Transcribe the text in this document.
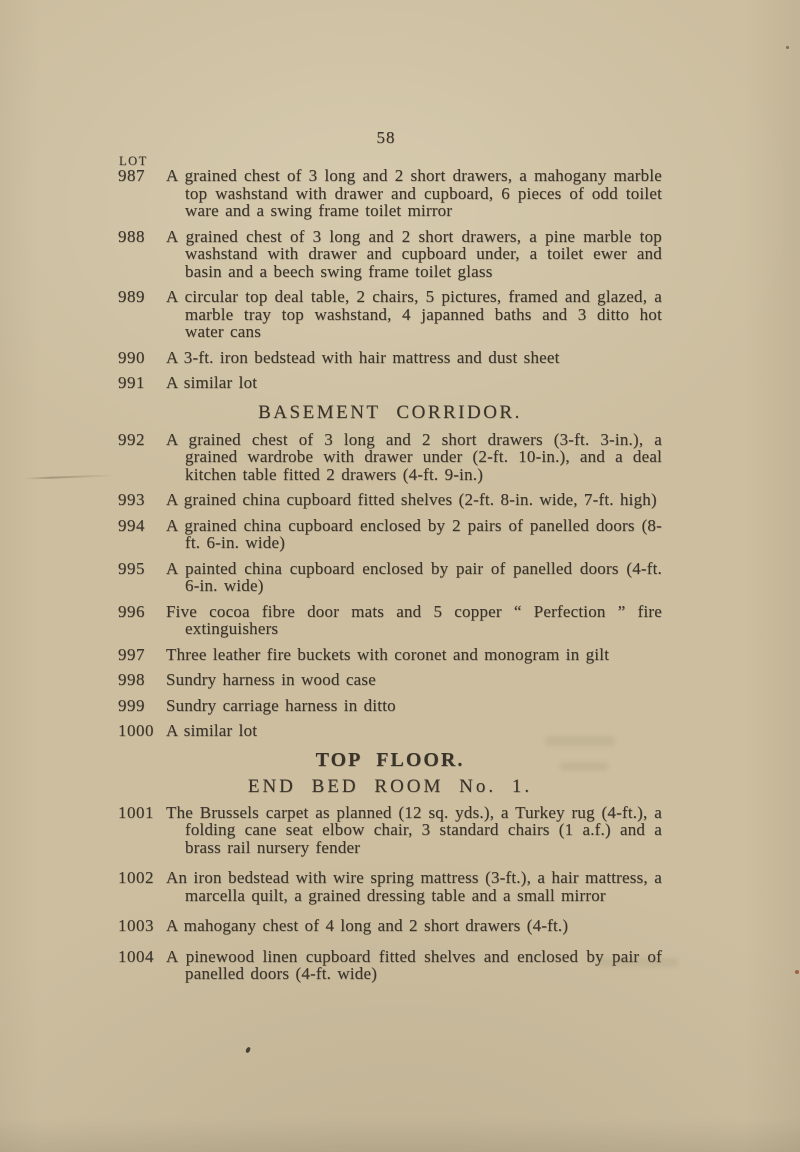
58
LOT
987	A grained chest of 3 long and 2 short drawers, a mahogany marble top washstand with drawer and cupboard, 6 pieces of odd toilet ware and a swing frame toilet mirror
988	A grained chest of 3 long and 2 short drawers, a pine marble top washstand with drawer and cupboard under, a toilet ewer and basin and a beech swing frame toilet glass
989	A circular top deal table, 2 chairs, 5 pictures, framed and glazed, a marble tray top washstand, 4 japanned baths and 3 ditto hot water cans
990	A 3-ft. iron bedstead with hair mattress and dust sheet
991	A similar lot
BASEMENT CORRIDOR.
992	A grained chest of 3 long and 2 short drawers (3-ft. 3-in.), a grained wardrobe with drawer under (2-ft. 10-in.), and a deal kitchen table fitted 2 drawers (4-ft. 9-in.)
993	A grained china cupboard fitted shelves (2-ft. 8-in. wide, 7-ft. high)
994	A grained china cupboard enclosed by 2 pairs of panelled doors (8-ft. 6-in. wide)
995	A painted china cupboard enclosed by pair of panelled doors (4-ft. 6-in. wide)
996	Five cocoa fibre door mats and 5 copper “ Perfection ” fire extinguishers
997	Three leather fire buckets with coronet and monogram in gilt
998	Sundry harness in wood case
999	Sundry carriage harness in ditto
1000 A similar lot
TOP FLOOR.
END BED ROOM No. 1.
1001 The Brussels carpet as planned (12 sq. yds.), a Turkey rug (4-ft.), a folding cane seat elbow chair, 3 standard chairs (1 a.f.) and a brass rail nursery fender
1002 An iron bedstead with wire spring mattress (3-ft.), a hair mattress, a marcella quilt, a grained dressing table and a small mirror
1003 A mahogany chest of 4 long and 2 short drawers (4-ft.)
1004 A pinewood linen cupboard fitted shelves and enclosed by pair of panelled doors (4-ft. wide)
